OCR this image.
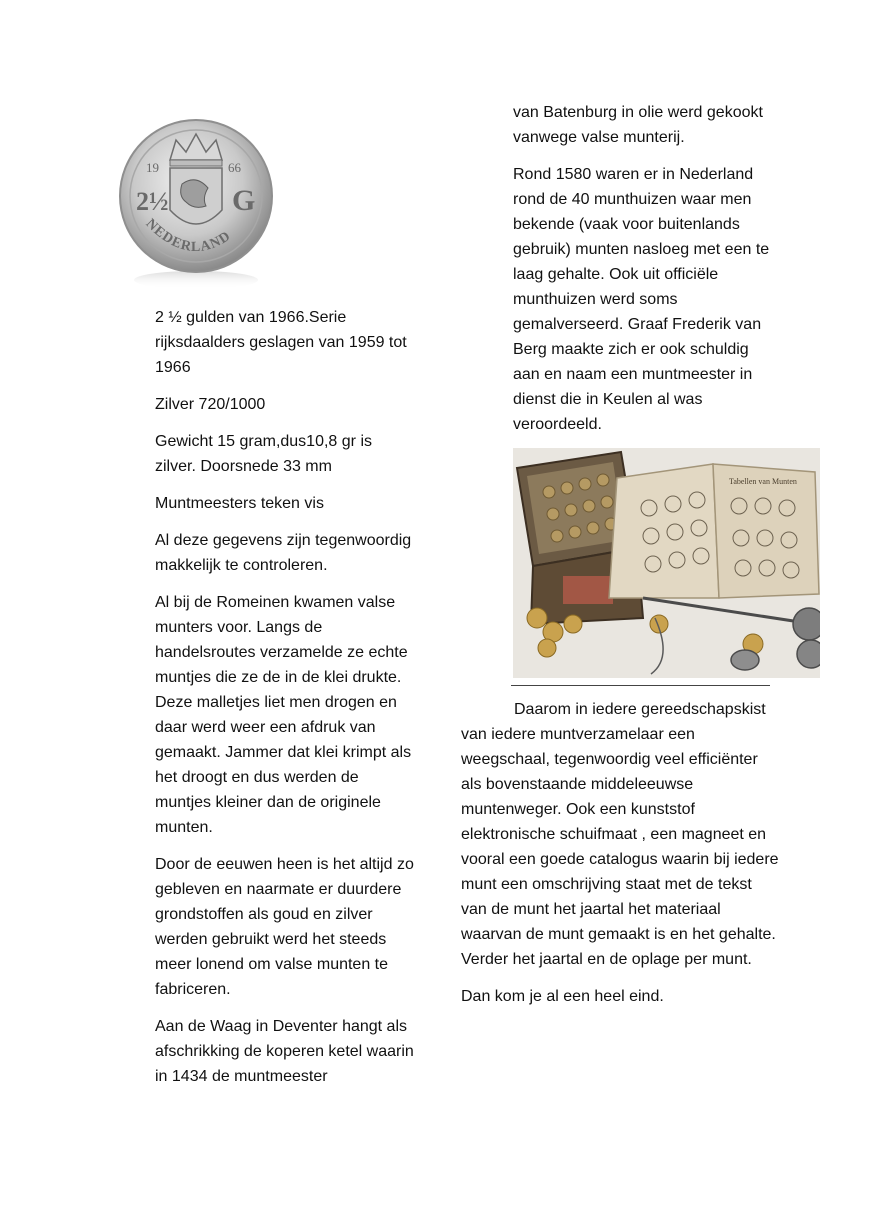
2½ G
19	66
NEDERLAND

2 ½ gulden van 1966.Serie rijksdaalders geslagen van 1959 tot 1966

Zilver 720/1000

Gewicht 15 gram,dus10,8 gr is zilver. Doorsnede 33 mm

Muntmeesters teken vis

Al deze gegevens zijn tegenwoordig makkelijk te controleren.

Al bij de Romeinen kwamen valse munters voor. Langs de handelsroutes verzamelde ze echte muntjes die ze de in de klei drukte. Deze malletjes liet men drogen en daar werd weer een afdruk van gemaakt. Jammer dat klei krimpt als het droogt en dus werden de muntjes kleiner dan de originele munten.

Door de eeuwen heen is het altijd zo gebleven en naarmate er duurdere grondstoffen als goud en zilver werden gebruikt werd het steeds meer lonend om valse munten te fabriceren.

Aan de Waag in Deventer hangt als afschrikking de koperen ketel waarin in 1434 de muntmeester

van Batenburg in olie werd gekookt vanwege valse munterij.

Rond 1580 waren er in Nederland rond de 40 munthuizen waar men bekende (vaak voor buitenlands gebruik) munten nasloeg met een te laag gehalte. Ook uit officiële munthuizen werd soms gemalverseerd. Graaf Frederik van Berg maakte zich er ook schuldig aan en naam een muntmeester in dienst die in Keulen al was veroordeeld.

Tabellen van Munten

Daarom in iedere gereedschapskist van iedere muntverzamelaar een weegschaal, tegenwoordig veel efficiënter als bovenstaande middeleeuwse muntenweger. Ook een kunststof elektronische schuifmaat , een magneet en vooral een goede catalogus waarin bij iedere munt een omschrijving staat met de tekst van de munt het jaartal het materiaal waarvan de munt gemaakt is en het gehalte. Verder het jaartal en de oplage per munt.

Dan kom je al een heel eind.
